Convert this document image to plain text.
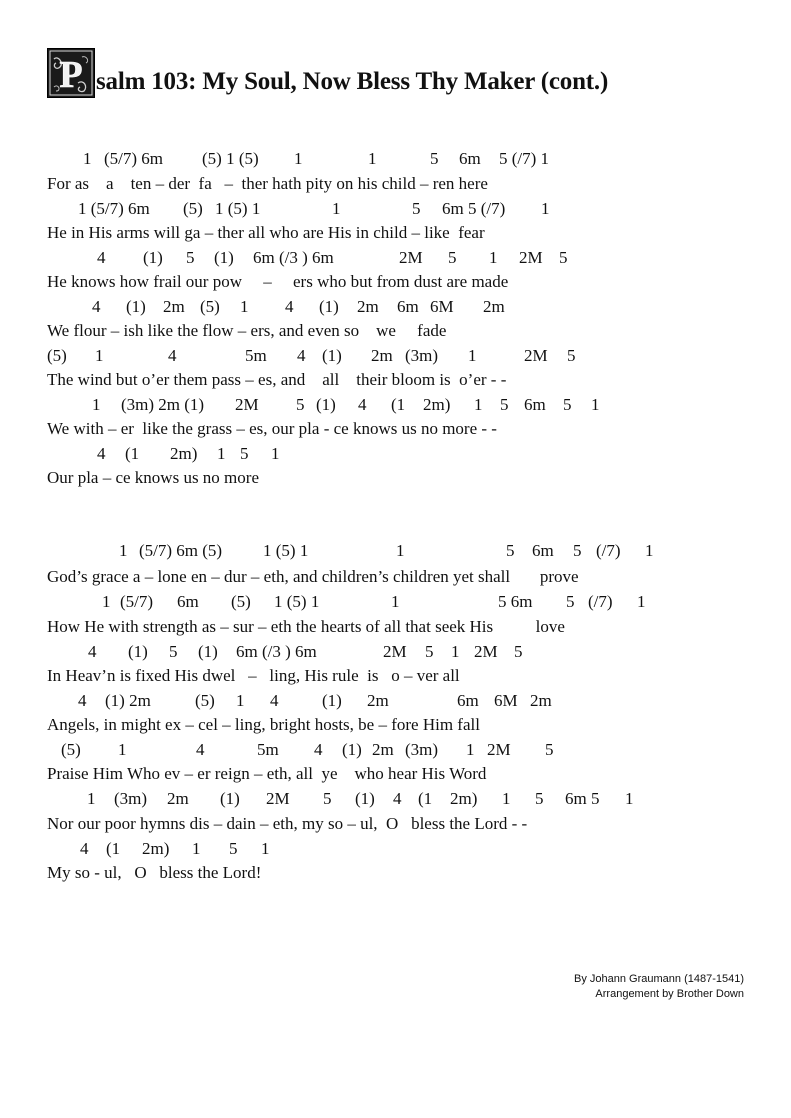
P salm 103: My Soul, Now Bless Thy Maker (cont.)

1

(5/7) 6m

(5) 1 (5)

1

	1

	5

6m

5 (/7) 1

For as    a    ten – der  fa   –  ther hath pity on his child – ren here

1 (5/7) 6m

(5)

1 (5) 1

	1

	5

6m 5 (/7)

1

He in His arms will ga – ther all who are His in child – like  fear

4

(1)

5

(1)

6m (/3 ) 6m

	2M

5

1

2M

5

He knows how frail our pow     –     ers who but from dust are made

4

(1)

2m

(5)

1

4

(1)

2m

6m

6M

2m

We flour – ish like the flow – ers, and even so    we     fade

(5)

1

	4

	5m

4

(1)

2m

(3m)

1

	2M

5

The wind but o’er them pass – es, and    all    their bloom is  o’er - -

1

(3m) 2m (1)

2M

5

(1)

4

(1

2m)

1

5

6m

5

1

We with – er  like the grass – es, our pla - ce knows us no more - -

4

(1

2m)

1

5

1

Our pla – ce knows us no more

1

(5/7) 6m (5)

1 (5) 1

	1

	5

6m

5

(/7)

1

God’s grace a – lone en – dur – eth, and children’s children yet shall       prove

1

(5/7)

6m

(5)

1 (5) 1

	1

	5 6m

5

(/7)

1

How He with strength as – sur – eth the hearts of all that seek His          love

4

(1)

5

(1)

6m (/3 ) 6m

	2M

5

1

2M

5

In Heav’n is fixed His dwel   –   ling, His rule  is   o – ver all

4

(1) 2m

	(5)

1

4

	(1)

2m

	6m

6M

2m

Angels, in might ex – cel – ling, bright hosts, be – fore Him fall

(5)

1

	4

	5m

4

(1)

2m

(3m)

1

2M

5

Praise Him Who ev – er reign – eth, all  ye    who hear His Word

1

(3m)

2m

(1)

2M

5

(1)

4

(1

2m)

1

5

6m 5

1

Nor our poor hymns dis – dain – eth, my so – ul,  O   bless the Lord - -

4

(1

2m)

1

5

1

My so - ul,   O   bless the Lord!

By Johann Graumann (1487-1541)
Arrangement by Brother Down
